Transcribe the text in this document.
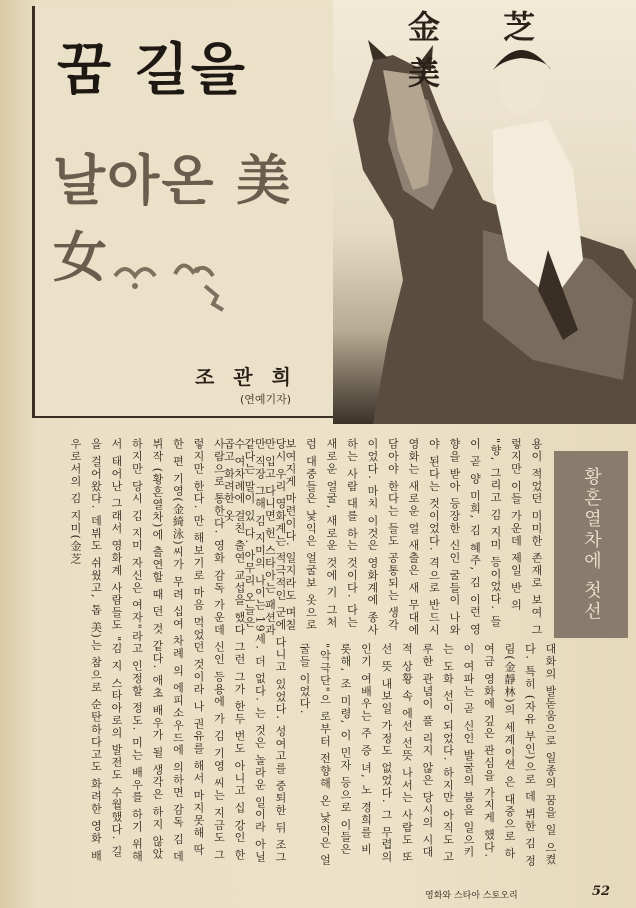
꿈 길을
날아온 美女
조 관 희
(연예기자)
金 芝 美
당시 우리 영화계는 적극적인 군에 다니고 있었다. 성여고를 중퇴한 뒤 조그만 직장 그해 김 지미의 나이는 19세. 더 없다. 는 것은 놀라운 일이라 아닐 수 여차례에 걸친 출연 교섭을 했다 그런 그가 한두 번도 아니고 십 강인 한 사람으로 통한다. 영화 감독 가운데 신인 등용에 가 김 기영 씨는 지금도 그렇지만 한다. 만 해보기로 마음 먹었던 것이라 나 권유를 해서 마지못해 딱 한 편 기영(金綺泳)씨가 무려 십여 차례 의 에피소우드에 의하면 감독 김 데뷔작 (황혼열차)에 출연할 때 던 것 같다. 애초 배우가 될 생각은 하지 않았 하지만 당시 김 지미 자신은 여자"라고 인정할 정도. 미는 배우를 하기 위해서 태어난 그래서 영화계 사람들도 "김 지 스타아로의 발전도 수월했다. 길을 걸어왔다. 데뷔도 쉬웠고, 톱 美)는 참으로 순탄하다고도 화려한 영화 배우로서의 김 지미(金芝
대화의 발돋움으로 일종의 꿈을 일 으켰다. 특히 (자유 부인)으로 데 뷔한 김 정림(金靜林)의 세계이션 은 대중으로 하여금 영화에 깊은 관심을 가지게 했다. 이 여파는 곧 신인 발굴의 붐을 일으키는 도화 선이 되었다. 하지만 아직도 고루한 관념이 풀 리지 않은 당시의 시대적 상황 속 에선 선뜻 나서는 사람도 또 선 뜻 내보일 가정도 없었다. 그 무렵의 인기 여배우는 주 증 녀, 노 경희를 비롯해, 조 미령, 이 민자 등으로 이들은 "악극단"으 로부터 전향해 온 낯익은 얼굴들 이었다.
용이 적었던 미미한 존재로 보여 그렇지만 이들 가운데 제일 반 의 "향, 그리고 김 지미 등이었다. 들이 곧 양 미희, 김 혜주, 김 이런 영향을 받아 등장한 신인 굴들이 나와야 된다는 것이었다. 격으로 반드시 영화는 새로운 얼 새출은 새 무대에 담아야 한다는 들도 공통되는 생각이었다. 마치 이것은 영화계에 종사하는 사람 대를 하는 것이다. 다는 새로운 얼굴, 새로운 것에 기 그처럼 대중들은 낯익은 얼굴보 옷으로 보여지게 마련이다. 일지라도 며칠만 입고 다니면 헌 스타아는 패션과 같다는 말이 있 다. 아무리 오늘은 곱고 화려한 옷	황혼열차에 첫선
영화와 스타아 스토오리	52
